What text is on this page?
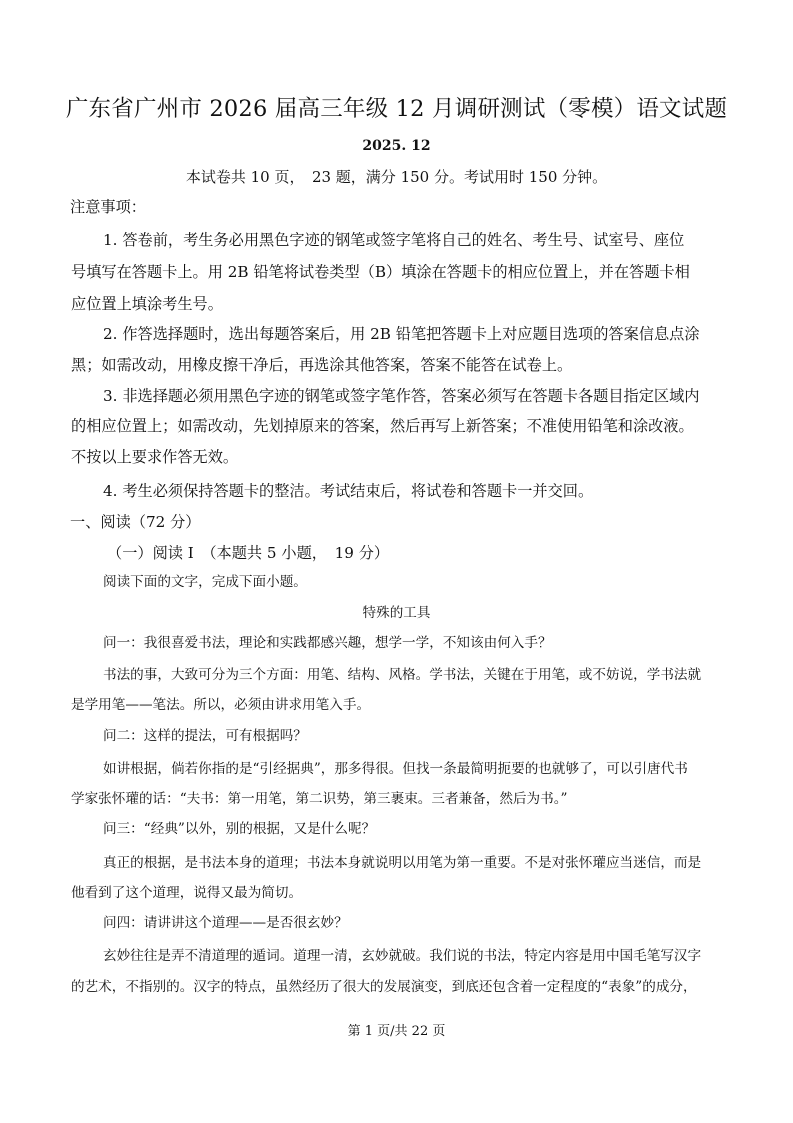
广东省广州市 2026 届高三年级 12 月调研测试（零模）语文试题
2025. 12
本试卷共 10 页，　23 题，满分 150 分。考试用时 150 分钟。
注意事项：
1. 答卷前，考生务必用黑色字迹的钢笔或签字笔将自己的姓名、考生号、试室号、座位
号填写在答题卡上。用 2B 铅笔将试卷类型（B）填涂在答题卡的相应位置上，并在答题卡相
应位置上填涂考生号。
2. 作答选择题时，选出每题答案后，用 2B 铅笔把答题卡上对应题目选项的答案信息点涂
黑；如需改动，用橡皮擦干净后，再选涂其他答案，答案不能答在试卷上。
3. 非选择题必须用黑色字迹的钢笔或签字笔作答，答案必须写在答题卡各题目指定区域内
的相应位置上；如需改动，先划掉原来的答案，然后再写上新答案；不准使用铅笔和涂改液。
不按以上要求作答无效。
4. 考生必须保持答题卡的整洁。考试结束后，将试卷和答题卡一并交回。
一、阅读（72 分）
（一）阅读 I　（本题共 5 小题，　19 分）
阅读下面的文字，完成下面小题。
特殊的工具
问一：我很喜爱书法，理论和实践都感兴趣，想学一学，不知该由何入手？
书法的事，大致可分为三个方面：用笔、结构、风格。学书法，关键在于用笔，或不妨说，学书法就
是学用笔——笔法。所以，必须由讲求用笔入手。
问二：这样的提法，可有根据吗？
如讲根据，倘若你指的是“引经据典”，那多得很。但找一条最简明扼要的也就够了，可以引唐代书
学家张怀瓘的话：“夫书：第一用笔，第二识势，第三裹束。三者兼备，然后为书。”
问三：“经典”以外，别的根据，又是什么呢？
真正的根据，是书法本身的道理；书法本身就说明以用笔为第一重要。不是对张怀瓘应当迷信，而是
他看到了这个道理，说得又最为简切。
问四：请讲讲这个道理——是否很玄妙？
玄妙往往是弄不清道理的遁词。道理一清，玄妙就破。我们说的书法，特定内容是用中国毛笔写汉字
的艺术，不指别的。汉字的特点，虽然经历了很大的发展演变，到底还包含着一定程度的“表象”的成分，
第 1 页/共 22 页
